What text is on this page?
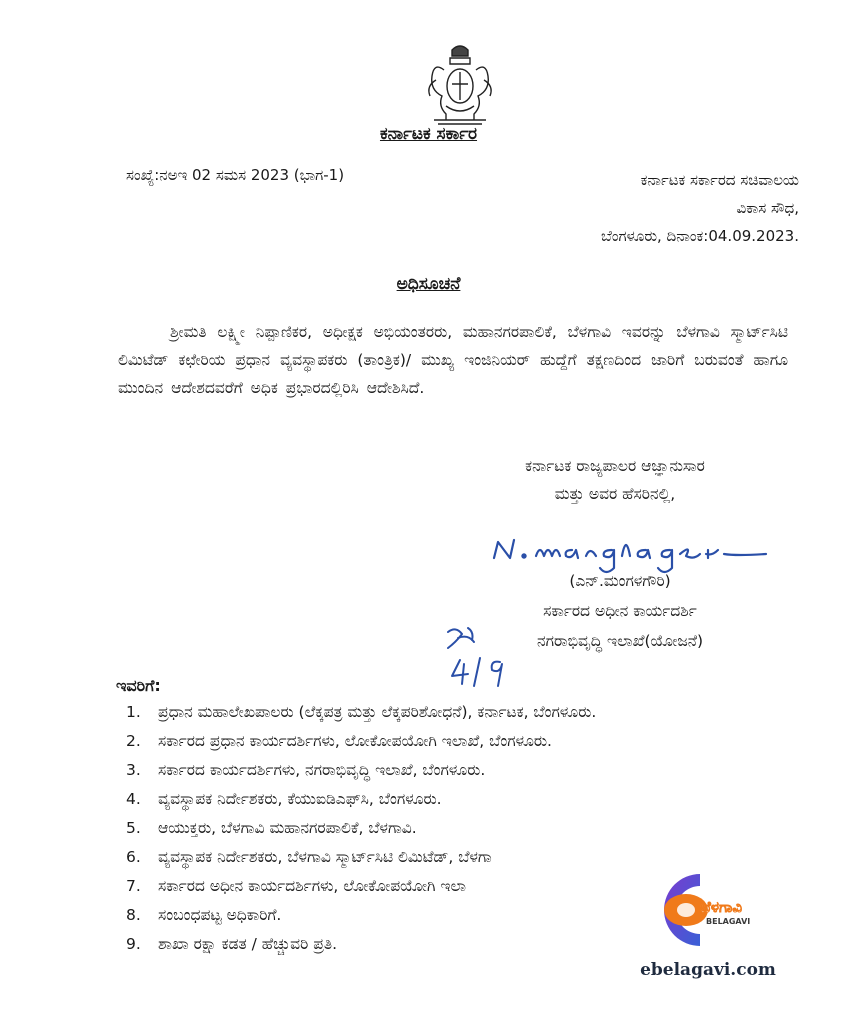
ಕರ್ನಾಟಕ ಸರ್ಕಾರ
ಸಂಖ್ಯೆ:ನಅಇ 02 ಸಮಸ 2023 (ಭಾಗ-1)	ಕರ್ನಾಟಕ ಸರ್ಕಾರದ ಸಚಿವಾಲಯ
ವಿಕಾಸ ಸೌಧ,
ಬೆಂಗಳೂರು, ದಿನಾಂಕ:04.09.2023.
ಅಧಿಸೂಚನೆ
ಶ್ರೀಮತಿ ಲಕ್ಷ್ಮೀ ನಿಪ್ಪಾಣಿಕರ, ಅಧೀಕ್ಷಕ ಅಭಿಯಂತರರು, ಮಹಾನಗರಪಾಲಿಕೆ, ಬೆಳಗಾವಿ ಇವರನ್ನು ಬೆಳಗಾವಿ ಸ್ಮಾರ್ಟ್‌ಸಿಟಿ ಲಿಮಿಟೆಡ್ ಕಛೇರಿಯ ಪ್ರಧಾನ ವ್ಯವಸ್ಥಾಪಕರು (ತಾಂತ್ರಿಕ)/ ಮುಖ್ಯ ಇಂಜಿನಿಯರ್ ಹುದ್ದೆಗೆ ತಕ್ಷಣದಿಂದ ಜಾರಿಗೆ ಬರುವಂತೆ ಹಾಗೂ ಮುಂದಿನ ಆದೇಶದವರೆಗೆ ಅಧಿಕ ಪ್ರಭಾರದಲ್ಲಿರಿಸಿ ಆದೇಶಿಸಿದೆ.
ಕರ್ನಾಟಕ ರಾಜ್ಯಪಾಲರ ಆಜ್ಞಾನುಸಾರ
ಮತ್ತು ಅವರ ಹೆಸರಿನಲ್ಲಿ,
(ಎನ್.ಮಂಗಳಗೌರಿ)
ಸರ್ಕಾರದ ಅಧೀನ ಕಾರ್ಯದರ್ಶಿ
ನಗರಾಭಿವೃದ್ಧಿ ಇಲಾಖೆ(ಯೋಜನೆ)
ಇವರಿಗೆ:
1. ಪ್ರಧಾನ ಮಹಾಲೇಖಪಾಲರು (ಲೆಕ್ಕಪತ್ರ ಮತ್ತು ಲೆಕ್ಕಪರಿಶೋಧನೆ), ಕರ್ನಾಟಕ, ಬೆಂಗಳೂರು.
2. ಸರ್ಕಾರದ ಪ್ರಧಾನ ಕಾರ್ಯದರ್ಶಿಗಳು, ಲೋಕೋಪಯೋಗಿ ಇಲಾಖೆ, ಬೆಂಗಳೂರು.
3. ಸರ್ಕಾರದ ಕಾರ್ಯದರ್ಶಿಗಳು, ನಗರಾಭಿವೃದ್ಧಿ ಇಲಾಖೆ, ಬೆಂಗಳೂರು.
4. ವ್ಯವಸ್ಥಾಪಕ ನಿರ್ದೇಶಕರು, ಕೆಯುಐಡಿಎಫ್‌ಸಿ, ಬೆಂಗಳೂರು.
5. ಆಯುಕ್ತರು, ಬೆಳಗಾವಿ ಮಹಾನಗರಪಾಲಿಕೆ, ಬೆಳಗಾವಿ.
6. ವ್ಯವಸ್ಥಾಪಕ ನಿರ್ದೇಶಕರು, ಬೆಳಗಾವಿ ಸ್ಮಾರ್ಟ್‌ಸಿಟಿ ಲಿಮಿಟೆಡ್, ಬೆಳಗಾ
7. ಸರ್ಕಾರದ ಅಧೀನ ಕಾರ್ಯದರ್ಶಿಗಳು, ಲೋಕೋಪಯೋಗಿ ಇಲಾ
8. ಸಂಬಂಧಪಟ್ಟ ಅಧಿಕಾರಿಗೆ.
9. ಶಾಖಾ ರಕ್ಷಾ ಕಡತ / ಹೆಚ್ಚುವರಿ ಪ್ರತಿ.
ಬೆಳಗಾವಿ
BELAGAVI
ebelagavi.com
